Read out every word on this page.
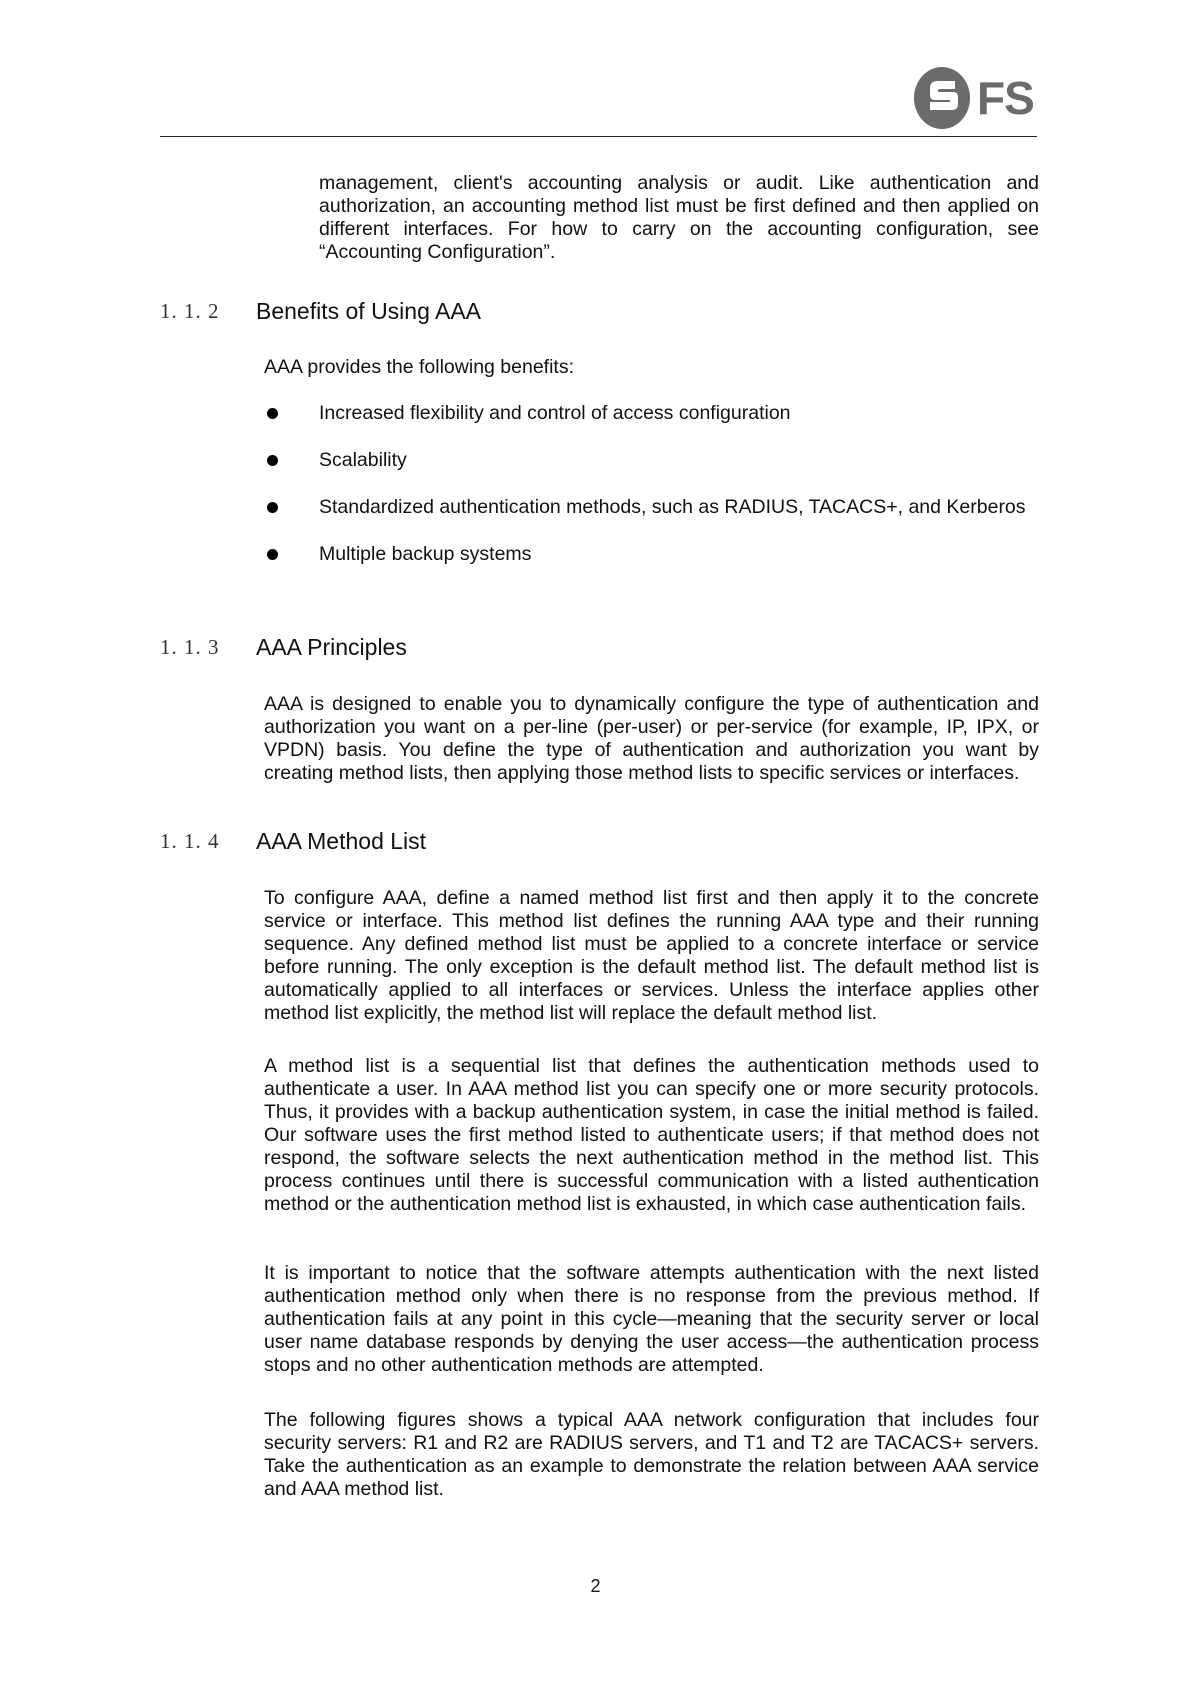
FS

management, client's accounting analysis or audit. Like authentication and authorization, an accounting method list must be first defined and then applied on different interfaces. For how to carry on the accounting configuration, see “Accounting Configuration”.

1. 1. 2	Benefits of Using AAA

AAA provides the following benefits:

Increased flexibility and control of access configuration
Scalability
Standardized authentication methods, such as RADIUS, TACACS+, and Kerberos
Multiple backup systems
1. 1. 3	AAA Principles

AAA is designed to enable you to dynamically configure the type of authentication and authorization you want on a per-line (per-user) or per-service (for example, IP, IPX, or VPDN) basis. You define the type of authentication and authorization you want by creating method lists, then applying those method lists to specific services or interfaces.

1. 1. 4	AAA Method List

To configure AAA, define a named method list first and then apply it to the concrete service or interface. This method list defines the running AAA type and their running sequence. Any defined method list must be applied to a concrete interface or service before running. The only exception is the default method list. The default method list is automatically applied to all interfaces or services. Unless the interface applies other method list explicitly, the method list will replace the default method list.

A method list is a sequential list that defines the authentication methods used to authenticate a user. In AAA method list you can specify one or more security protocols. Thus, it provides with a backup authentication system, in case the initial method is failed. Our software uses the first method listed to authenticate users; if that method does not respond, the software selects the next authentication method in the method list. This process continues until there is successful communication with a listed authentication method or the authentication method list is exhausted, in which case authentication fails.

It is important to notice that the software attempts authentication with the next listed authentication method only when there is no response from the previous method. If authentication fails at any point in this cycle—meaning that the security server or local user name database responds by denying the user access—the authentication process stops and no other authentication methods are attempted.

The following figures shows a typical AAA network configuration that includes four security servers: R1 and R2 are RADIUS servers, and T1 and T2 are TACACS+ servers. Take the authentication as an example to demonstrate the relation between AAA service and AAA method list.

2
